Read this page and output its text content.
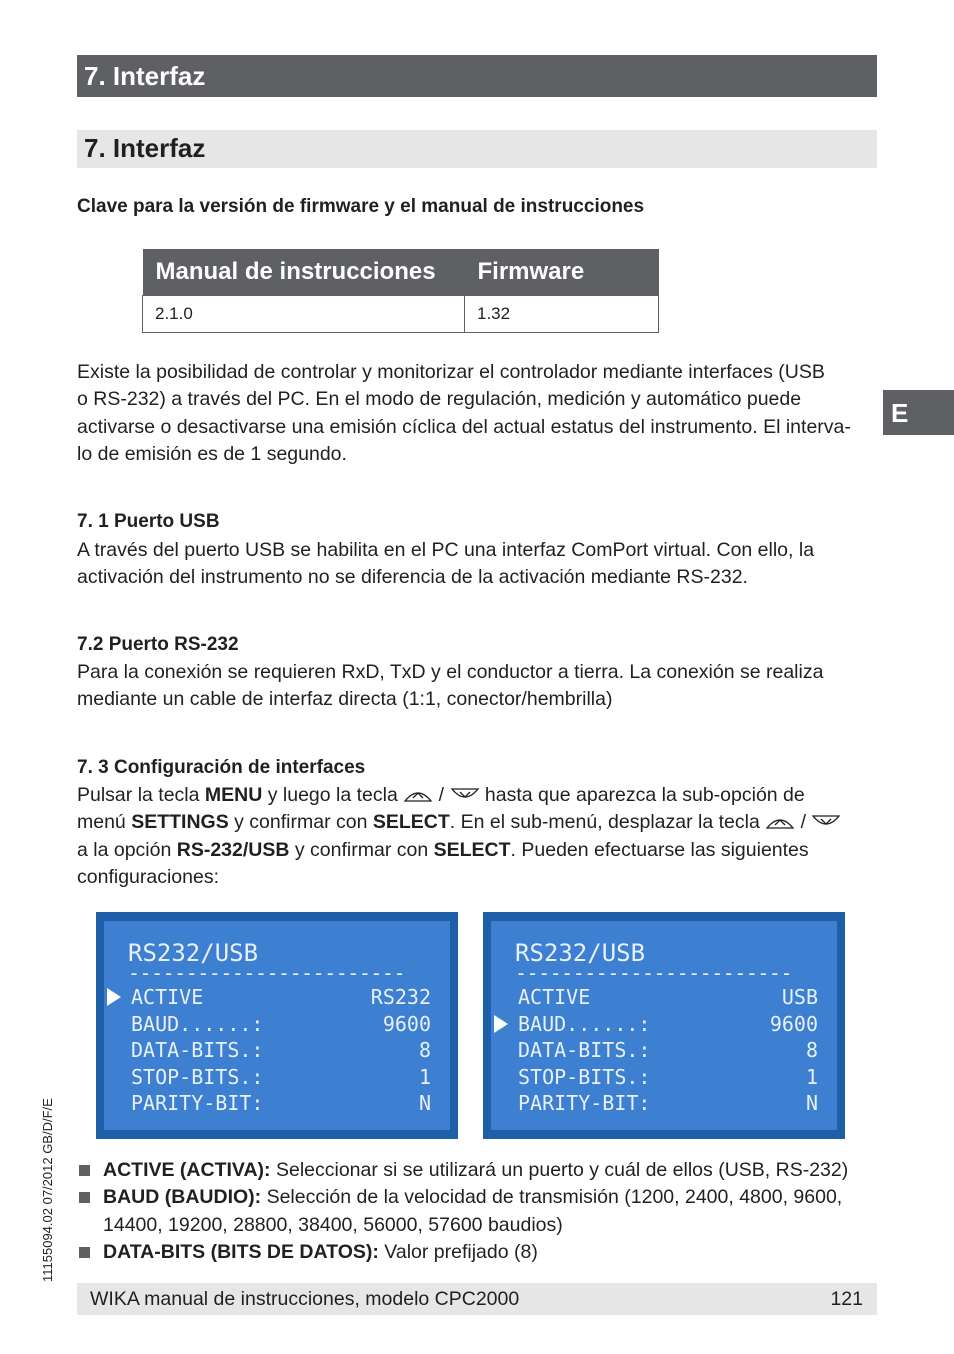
7. Interfaz
7. Interfaz
E
Clave para la versión de firmware y el manual de instrucciones
Manual de instrucciones	Firmware
2.1.0	1.32

Existe la posibilidad de controlar y monitorizar el controlador mediante interfaces (USB

o RS-232) a través del PC. En el modo de regulación, medición y automático puede

activarse o desactivarse una emisión cíclica del actual estatus del instrumento. El interva-

lo de emisión es de 1 segundo.

7. 1 Puerto USB

A través del puerto USB se habilita en el PC una interfaz ComPort virtual. Con ello, la

activación del instrumento no se diferencia de la activación mediante RS-232.

7.2 Puerto RS-232

Para la conexión se requieren RxD, TxD y el conductor a tierra. La conexión se realiza

mediante un cable de interfaz directa (1:1, conector/hembrilla)

7. 3 Configuración de interfaces

Pulsar la tecla MENU y luego la tecla  /  hasta que aparezca la sub-opción de

menú SETTINGS y confirmar con SELECT. En el sub-menú, desplazar la tecla  /

a la opción RS-232/USB y confirmar con SELECT. Pueden efectuarse las siguientes

configuraciones:

RS232/USB
------------------------
ACTIVE	RS232
BAUD......:	9600
DATA-BITS.:	8
STOP-BITS.:	1
PARITY-BIT:	N
RS232/USB
------------------------
ACTIVE	USB
BAUD......:	9600
DATA-BITS.:	8
STOP-BITS.:	1
PARITY-BIT:	N
ACTIVE (ACTIVA): Seleccionar si se utilizará un puerto y cuál de ellos (USB, RS-232)
BAUD (BAUDIO): Selección de la velocidad de transmisión (1200, 2400, 4800, 9600,
14400, 19200, 28800, 38400, 56000, 57600 baudios)
DATA-BITS (BITS DE DATOS): Valor prefijado (8)
11155094.02 07/2012 GB/D/F/E
WIKA manual de instrucciones, modelo CPC2000	121
